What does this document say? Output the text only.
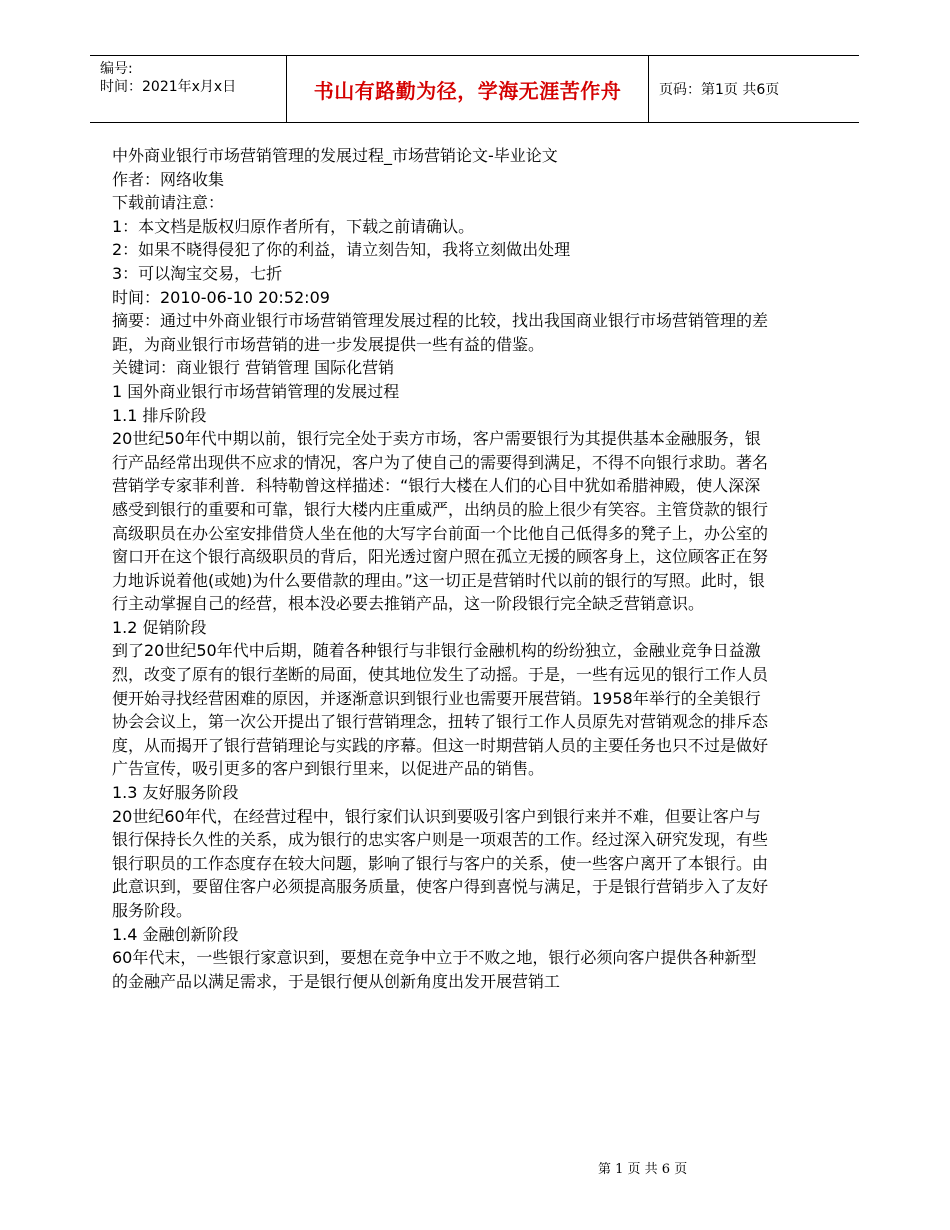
编号:
时间：2021年x月x日	书山有路勤为径，学海无涯苦作舟	页码：第1页 共6页

中外商业银行市场营销管理的发展过程_市场营销论文-毕业论文

作者：网络收集

下载前请注意：

1：本文档是版权归原作者所有，下载之前请确认。

2：如果不晓得侵犯了你的利益，请立刻告知，我将立刻做出处理

3：可以淘宝交易，七折

时间：2010-06-10 20:52:09

摘要：通过中外商业银行市场营销管理发展过程的比较，找出我国商业银行市场营销管理的差距，为商业银行市场营销的进一步发展提供一些有益的借鉴。

关键词：商业银行 营销管理 国际化营销

1 国外商业银行市场营销管理的发展过程

1.1 排斥阶段

20世纪50年代中期以前，银行完全处于卖方市场，客户需要银行为其提供基本金融服务，银行产品经常出现供不应求的情况，客户为了使自己的需要得到满足，不得不向银行求助。著名营销学专家菲利普．科特勒曾这样描述：“银行大楼在人们的心目中犹如希腊神殿，使人深深感受到银行的重要和可靠，银行大楼内庄重威严，出纳员的脸上很少有笑容。主管贷款的银行高级职员在办公室安排借贷人坐在他的大写字台前面一个比他自己低得多的凳子上，办公室的窗口开在这个银行高级职员的背后，阳光透过窗户照在孤立无援的顾客身上，这位顾客正在努力地诉说着他(或她)为什么要借款的理由。”这一切正是营销时代以前的银行的写照。此时，银行主动掌握自己的经营，根本没必要去推销产品，这一阶段银行完全缺乏营销意识。

1.2 促销阶段

到了20世纪50年代中后期，随着各种银行与非银行金融机构的纷纷独立，金融业竞争日益激烈，改变了原有的银行垄断的局面，使其地位发生了动摇。于是，一些有远见的银行工作人员便开始寻找经营困难的原因，并逐渐意识到银行业也需要开展营销。1958年举行的全美银行协会会议上，第一次公开提出了银行营销理念，扭转了银行工作人员原先对营销观念的排斥态度，从而揭开了银行营销理论与实践的序幕。但这一时期营销人员的主要任务也只不过是做好广告宣传，吸引更多的客户到银行里来，以促进产品的销售。

1.3 友好服务阶段

20世纪60年代，在经营过程中，银行家们认识到要吸引客户到银行来并不难，但要让客户与银行保持长久性的关系，成为银行的忠实客户则是一项艰苦的工作。经过深入研究发现，有些银行职员的工作态度存在较大问题，影响了银行与客户的关系，使一些客户离开了本银行。由此意识到，要留住客户必须提高服务质量，使客户得到喜悦与满足，于是银行营销步入了友好服务阶段。

1.4 金融创新阶段

60年代末，一些银行家意识到，要想在竞争中立于不败之地，银行必须向客户提供各种新型的金融产品以满足需求，于是银行便从创新角度出发开展营销工

第 1 页 共 6 页
